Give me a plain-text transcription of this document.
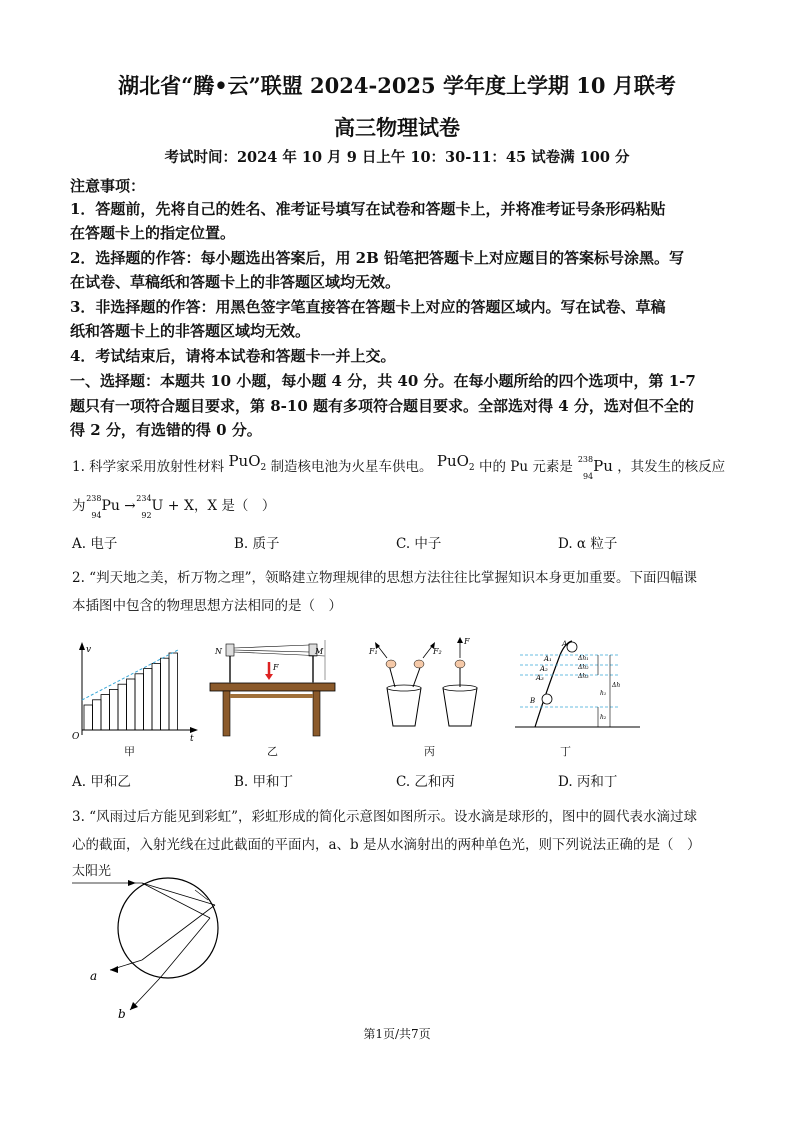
湖北省“腾•云”联盟 2024-2025 学年度上学期 10 月联考
高三物理试卷
考试时间：2024 年 10 月 9 日上午 10：30-11：45 试卷满 100 分
注意事项：
1．答题前，先将自己的姓名、准考证号填写在试卷和答题卡上，并将准考证号条形码粘贴
在答题卡上的指定位置。
2．选择题的作答：每小题选出答案后，用 2B 铅笔把答题卡上对应题目的答案标号涂黑。写
在试卷、草稿纸和答题卡上的非答题区域均无效。
3．非选择题的作答：用黑色签字笔直接答在答题卡上对应的答题区域内。写在试卷、草稿
纸和答题卡上的非答题区域均无效。
4．考试结束后，请将本试卷和答题卡一并上交。
一、选择题：本题共 10 小题，每小题 4 分，共 40 分。在每小题所给的四个选项中，第 1-7
题只有一项符合题目要求，第 8-10 题有多项符合题目要求。全部选对得 4 分，选对但不全的
得 2 分，有选错的得 0 分。
1. 科学家采用放射性材料 PuO$_2$ 制造核电池为火星车供电。 PuO$_2$ 中的 Pu 元素是 238
94
Pu ，其发生的核反应
为 238
94
Pu → 234
92
U + X，X 是（　）
A. 电子	B. 质子	C. 中子	D. α 粒子
2. “判天地之美，析万物之理”，领略建立物理规律的思想方法往往比掌握知识本身更加重要。下面四幅课
本插图中包含的物理思想方法相同的是（　）
v
O	t
N	M
F
F₁	F₂
F	A
A₁
A₂
A₃
B
Δh₁
Δh₂
Δh₃
Δh
h₁
h₂
甲	乙	丙	丁
A. 甲和乙	B. 甲和丁	C. 乙和丙	D. 丙和丁
3. “风雨过后方能见到彩虹”，彩虹形成的简化示意图如图所示。设水滴是球形的，图中的圆代表水滴过球
心的截面，入射光线在过此截面的平面内，a、b 是从水滴射出的两种单色光，则下列说法正确的是（　）
太阳光
a
b
第1页/共7页
